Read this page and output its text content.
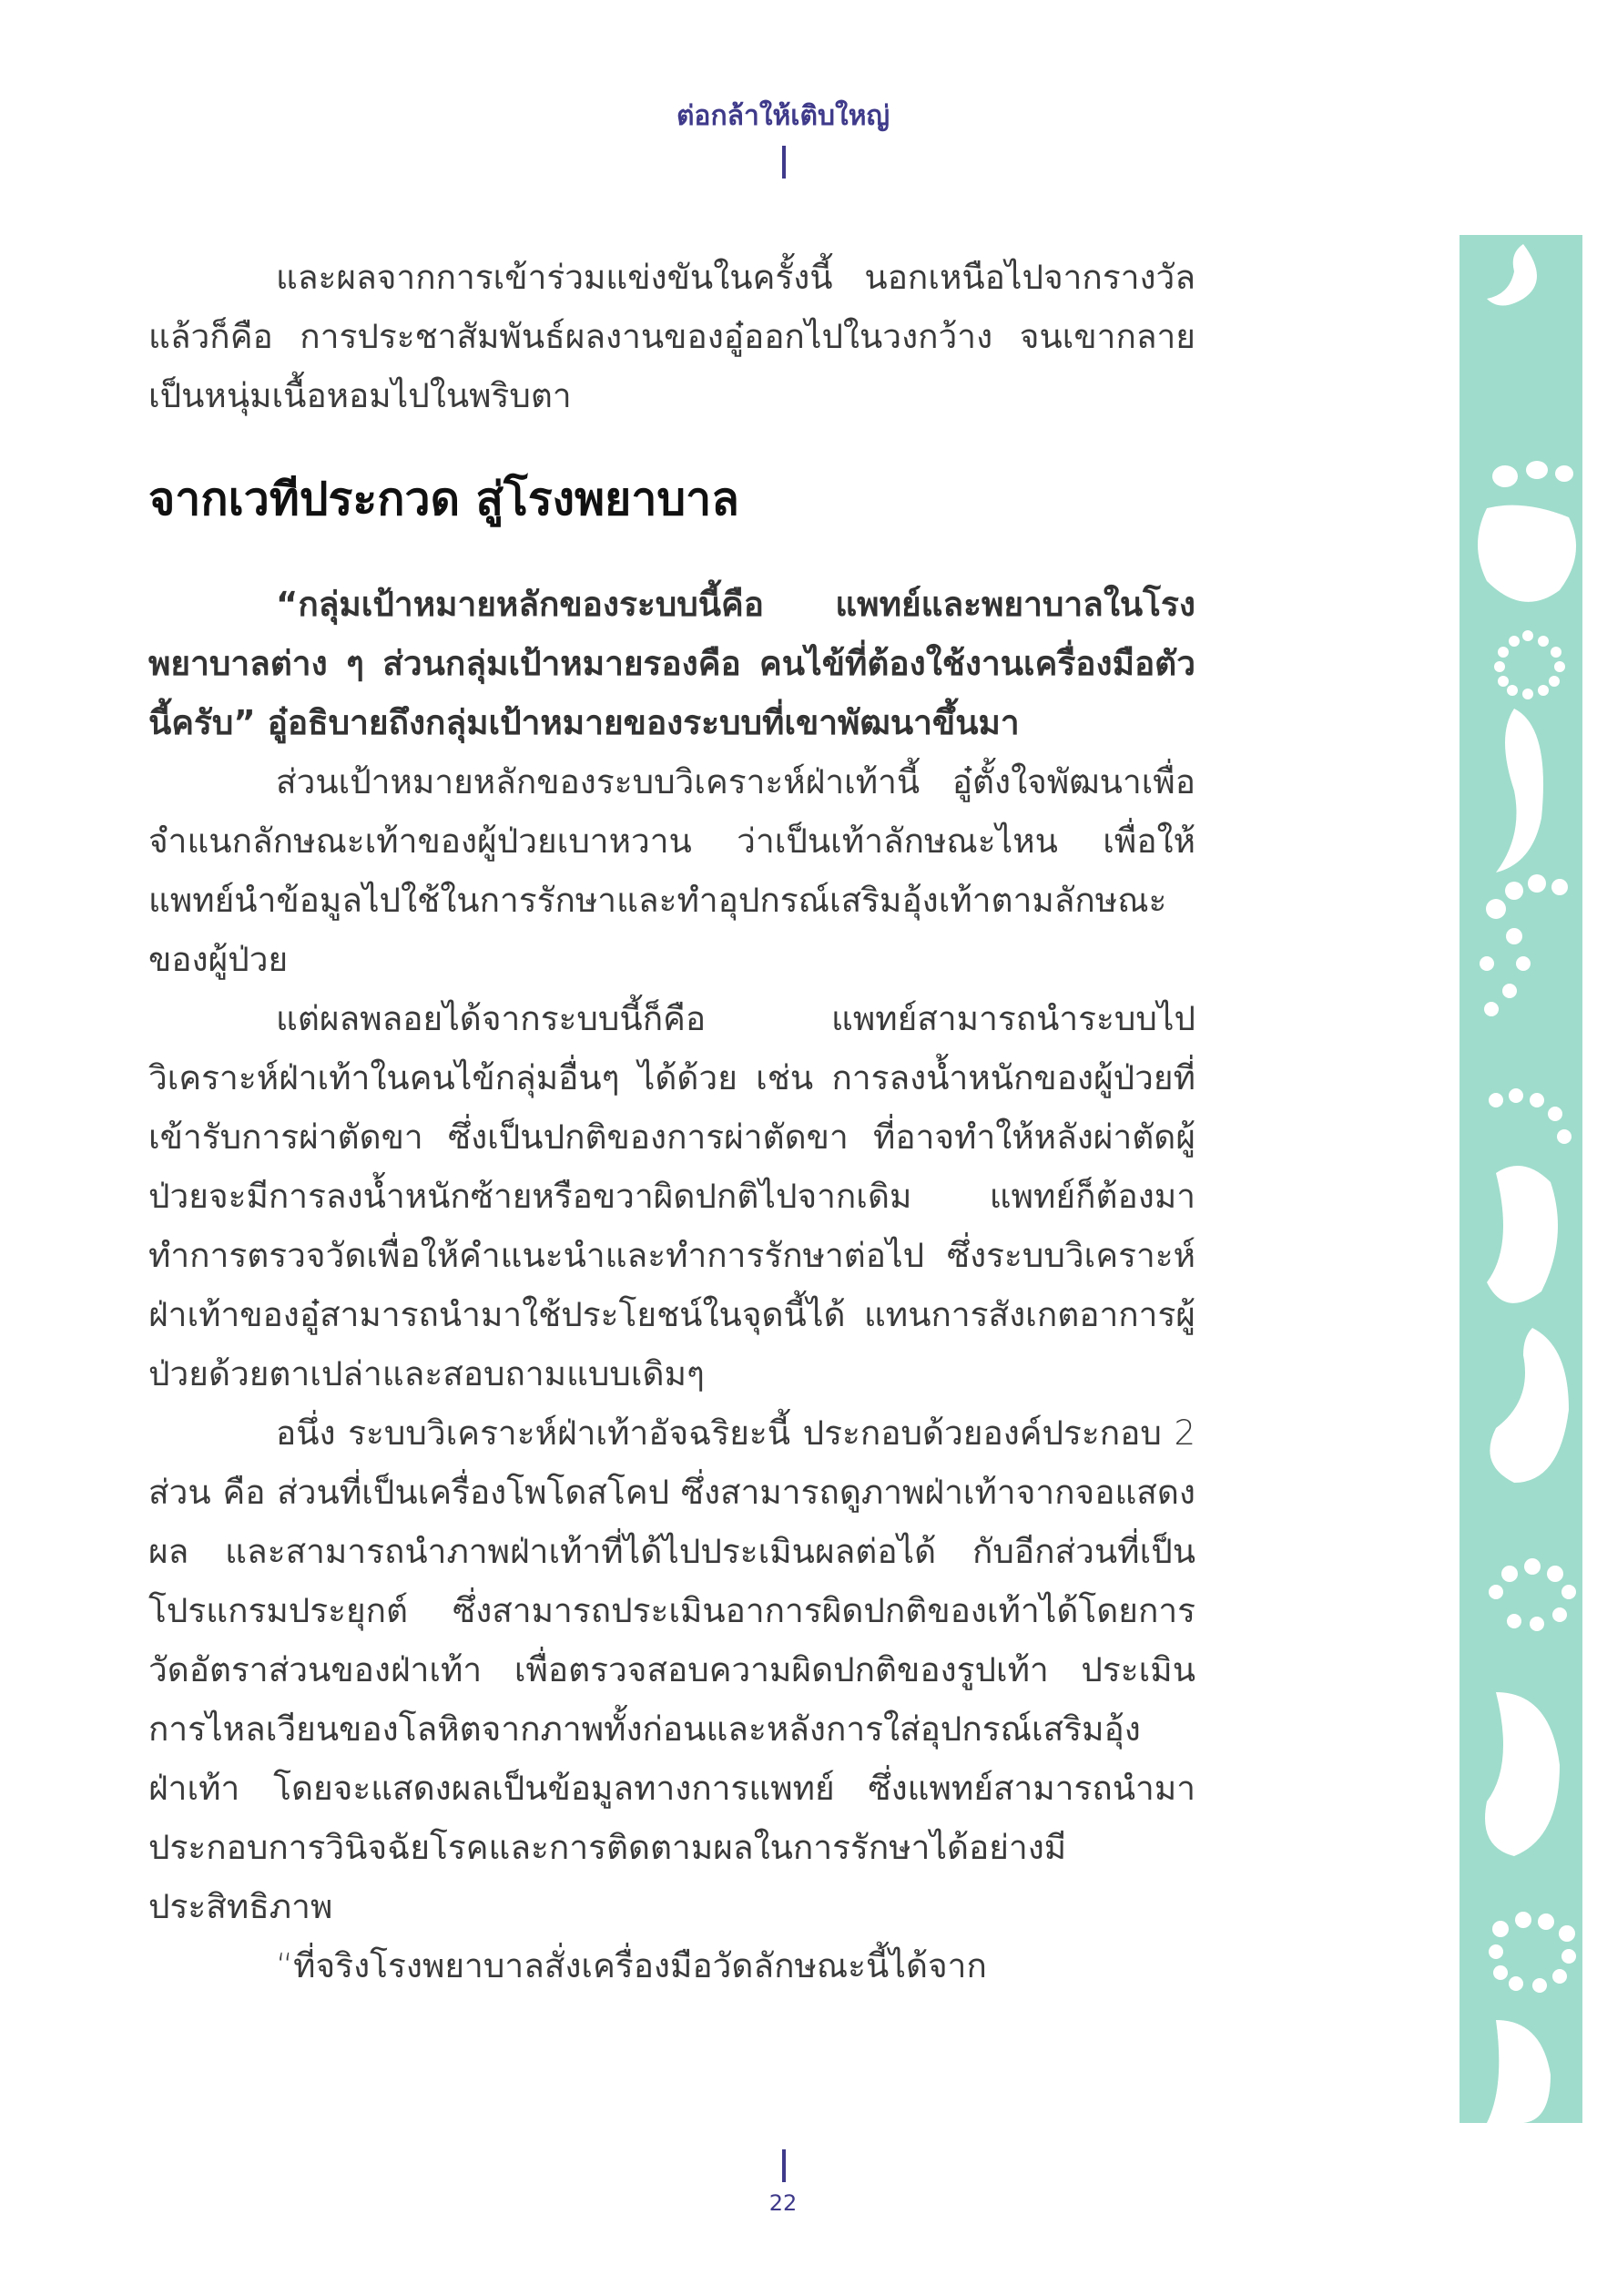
ต่อกล้าให้เติบใหญ่

และผลจากการเข้าร่วมแข่งขันในครั้งนี้ นอกเหนือไปจากรางวัลแล้วก็คือ การประชาสัมพันธ์ผลงานของอู๋ออกไปในวงกว้าง จนเขากลายเป็นหนุ่มเนื้อหอมไปในพริบตา

จากเวทีประกวด สู่โรงพยาบาล

“กลุ่มเป้าหมายหลักของระบบนี้คือ แพทย์และพยาบาลในโรงพยาบาลต่าง ๆ ส่วนกลุ่มเป้าหมายรองคือ คนไข้ที่ต้องใช้งานเครื่องมือตัวนี้ครับ” อู๋อธิบายถึงกลุ่มเป้าหมายของระบบที่เขาพัฒนาขึ้นมา

ส่วนเป้าหมายหลักของระบบวิเคราะห์ฝ่าเท้านี้ อู๋ตั้งใจพัฒนาเพื่อจำแนกลักษณะเท้าของผู้ป่วยเบาหวาน ว่าเป็นเท้าลักษณะไหน เพื่อให้แพทย์นำข้อมูลไปใช้ในการรักษาและทำอุปกรณ์เสริมอุ้งเท้าตามลักษณะของผู้ป่วย

แต่ผลพลอยได้จากระบบนี้ก็คือ แพทย์สามารถนำระบบไปวิเคราะห์ฝ่าเท้าในคนไข้กลุ่มอื่นๆ ได้ด้วย เช่น การลงน้ำหนักของผู้ป่วยที่เข้ารับการผ่าตัดขา ซึ่งเป็นปกติของการผ่าตัดขา ที่อาจทำให้หลังผ่าตัดผู้ป่วยจะมีการลงน้ำหนักซ้ายหรือขวาผิดปกติไปจากเดิม แพทย์ก็ต้องมาทำการตรวจวัดเพื่อให้คำแนะนำและทำการรักษาต่อไป ซึ่งระบบวิเคราะห์ฝ่าเท้าของอู๋สามารถนำมาใช้ประโยชน์ในจุดนี้ได้ แทนการสังเกตอาการผู้ป่วยด้วยตาเปล่าและสอบถามแบบเดิมๆ

อนึ่ง ระบบวิเคราะห์ฝ่าเท้าอัจฉริยะนี้ ประกอบด้วยองค์ประกอบ 2 ส่วน คือ ส่วนที่เป็นเครื่องโพโดสโคป ซึ่งสามารถดูภาพฝ่าเท้าจากจอแสดงผล และสามารถนำภาพฝ่าเท้าที่ได้ไปประเมินผลต่อได้ กับอีกส่วนที่เป็นโปรแกรมประยุกต์ ซึ่งสามารถประเมินอาการผิดปกติของเท้าได้โดยการวัดอัตราส่วนของฝ่าเท้า เพื่อตรวจสอบความผิดปกติของรูปเท้า ประเมินการไหลเวียนของโลหิตจากภาพทั้งก่อนและหลังการใส่อุปกรณ์เสริมอุ้งฝ่าเท้า โดยจะแสดงผลเป็นข้อมูลทางการแพทย์ ซึ่งแพทย์สามารถนำมาประกอบการวินิจฉัยโรคและการติดตามผลในการรักษาได้อย่างมีประสิทธิภาพ

“ที่จริงโรงพยาบาลสั่งเครื่องมือวัดลักษณะนี้ได้จาก

22
